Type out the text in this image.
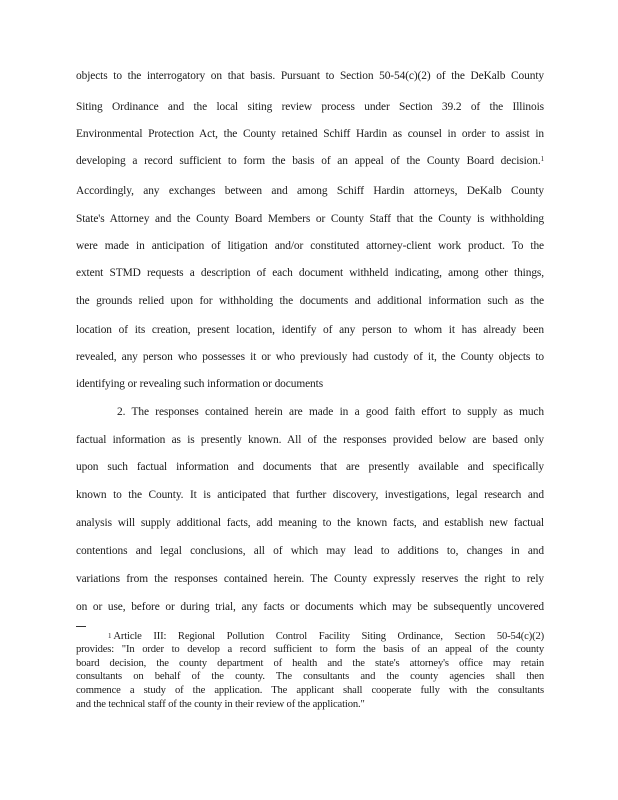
objects to the interrogatory on that basis. Pursuant to Section 50-54(c)(2) of the DeKalb County
Siting Ordinance and the local siting review process under Section 39.2 of the Illinois
Environmental Protection Act, the County retained Schiff Hardin as counsel in order to assist in
developing a record sufficient to form the basis of an appeal of the County Board decision.$^1$
Accordingly, any exchanges between and among Schiff Hardin attorneys, DeKalb County
State's Attorney and the County Board Members or County Staff that the County is withholding
were made in anticipation of litigation and/or constituted attorney-client work product. To the
extent STMD requests a description of each document withheld indicating, among other things,
the grounds relied upon for withholding the documents and additional information such as the
location of its creation, present location, identify of any person to whom it has already been
revealed, any person who possesses it or who previously had custody of it, the County objects to
identifying or revealing such information or documents
2. The responses contained herein are made in a good faith effort to supply as much
factual information as is presently known. All of the responses provided below are based only
upon such factual information and documents that are presently available and specifically
known to the County. It is anticipated that further discovery, investigations, legal research and
analysis will supply additional facts, add meaning to the known facts, and establish new factual
contentions and legal conclusions, all of which may lead to additions to, changes in and
variations from the responses contained herein. The County expressly reserves the right to rely
on or use, before or during trial, any facts or documents which may be subsequently uncovered
$^1$ Article III: Regional Pollution Control Facility Siting Ordinance, Section 50-54(c)(2)
provides: "In order to develop a record sufficient to form the basis of an appeal of the county
board decision, the county department of health and the state's attorney's office may retain
consultants on behalf of the county. The consultants and the county agencies shall then
commence a study of the application. The applicant shall cooperate fully with the consultants
and the technical staff of the county in their review of the application."
